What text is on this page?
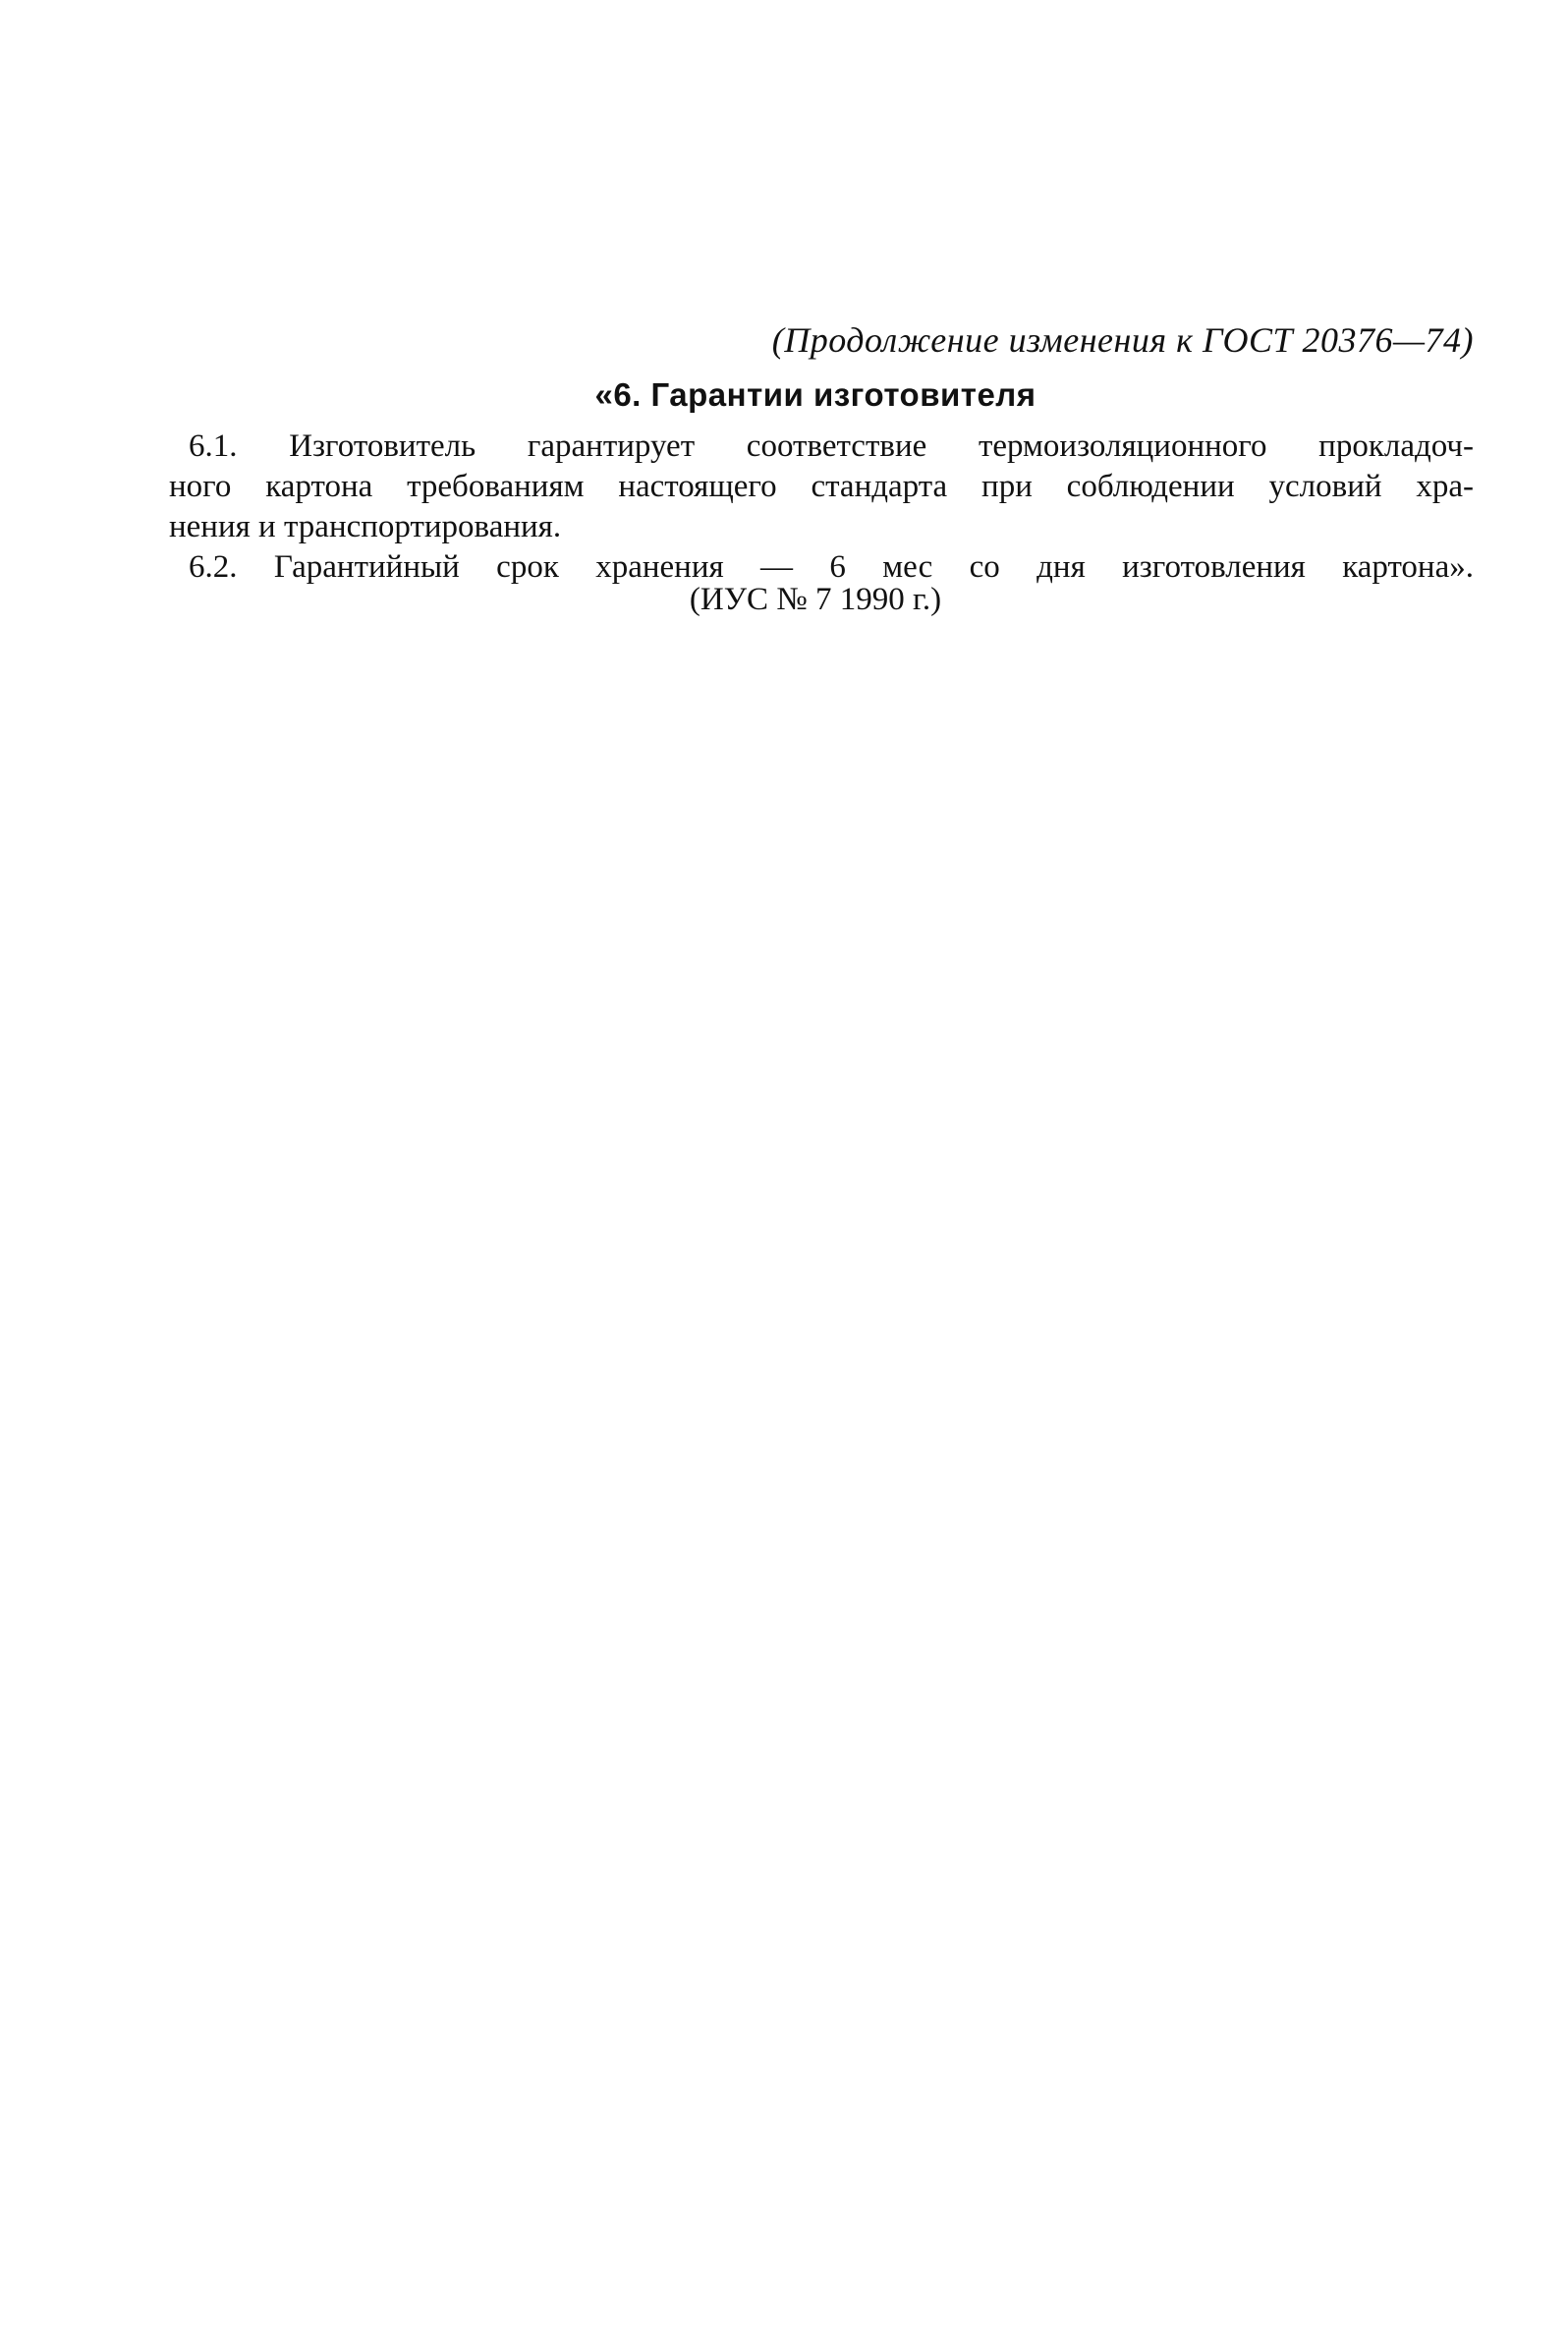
(Продолжение изменения к ГОСТ 20376—74)
«6. Гарантии изготовителя
6.1. Изготовитель гарантирует соответствие термоизоляционного прокладоч-
ного картона требованиям настоящего стандарта при соблюдении условий хра-
нения и транспортирования.
6.2. Гарантийный срок хранения — 6 мес со дня изготовления картона».
(ИУС № 7 1990 г.)
